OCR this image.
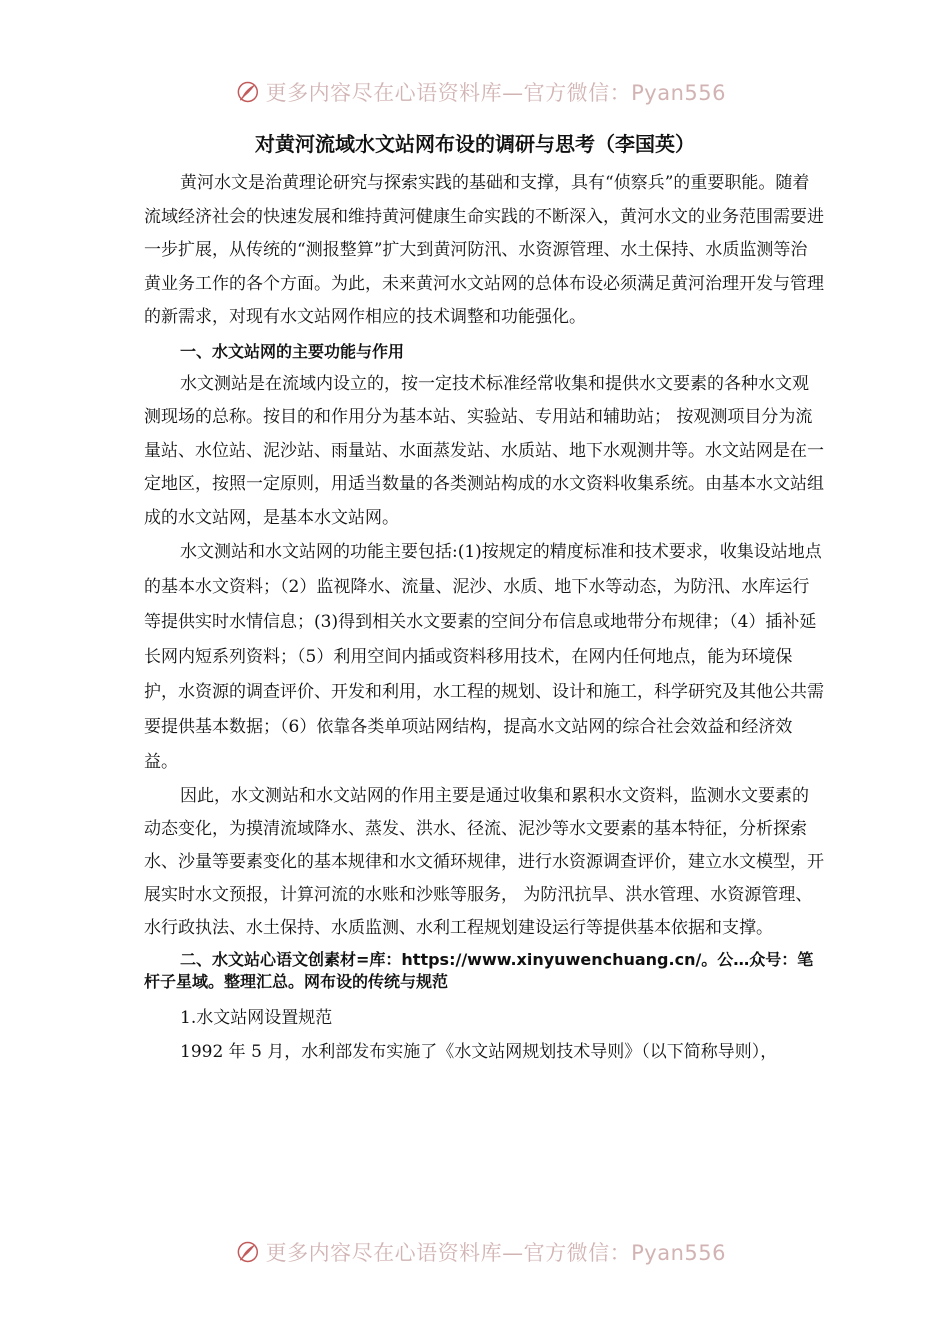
更多内容尽在心语资料库—官方微信：Pyan556
对黄河流域水文站网布设的调研与思考（李国英）

黄河水文是治黄理论研究与探索实践的基础和支撑，具有“侦察兵”的重要职能。随着流域经济社会的快速发展和维持黄河健康生命实践的不断深入，黄河水文的业务范围需要进一步扩展，从传统的“测报整算”扩大到黄河防汛、水资源管理、水土保持、水质监测等治黄业务工作的各个方面。为此，未来黄河水文站网的总体布设必须满足黄河治理开发与管理的新需求，对现有水文站网作相应的技术调整和功能强化。

一、水文站网的主要功能与作用

水文测站是在流域内设立的，按一定技术标准经常收集和提供水文要素的各种水文观测现场的总称。按目的和作用分为基本站、实验站、专用站和辅助站； 按观测项目分为流量站、水位站、泥沙站、雨量站、水面蒸发站、水质站、地下水观测井等。水文站网是在一定地区，按照一定原则，用适当数量的各类测站构成的水文资料收集系统。由基本水文站组成的水文站网，是基本水文站网。

水文测站和水文站网的功能主要包括:(1)按规定的精度标准和技术要求，收集设站地点的基本水文资料；（2）监视降水、流量、泥沙、水质、地下水等动态，为防汛、水库运行等提供实时水情信息；(3)得到相关水文要素的空间分布信息或地带分布规律；（4）插补延长网内短系列资料；（5）利用空间内插或资料移用技术，在网内任何地点，能为环境保护，水资源的调查评价、开发和利用，水工程的规划、设计和施工，科学研究及其他公共需要提供基本数据；（6）依靠各类单项站网结构，提高水文站网的综合社会效益和经济效益。

因此，水文测站和水文站网的作用主要是通过收集和累积水文资料，监测水文要素的动态变化，为摸清流域降水、蒸发、洪水、径流、泥沙等水文要素的基本特征，分析探索水、沙量等要素变化的基本规律和水文循环规律，进行水资源调查评价，建立水文模型，开展实时水文预报，计算河流的水账和沙账等服务， 为防汛抗旱、洪水管理、水资源管理、水行政执法、水土保持、水质监测、水利工程规划建设运行等提供基本依据和支撑。

二、水文站心语文创素材=库：https://www.xinyuwenchuang.cn/。公…众号：笔杆子星域。整理汇总。网布设的传统与规范

1.水文站网设置规范

1992 年 5 月，水利部发布实施了《水文站网规划技术导则》（以下简称导则），

更多内容尽在心语资料库—官方微信：Pyan556
